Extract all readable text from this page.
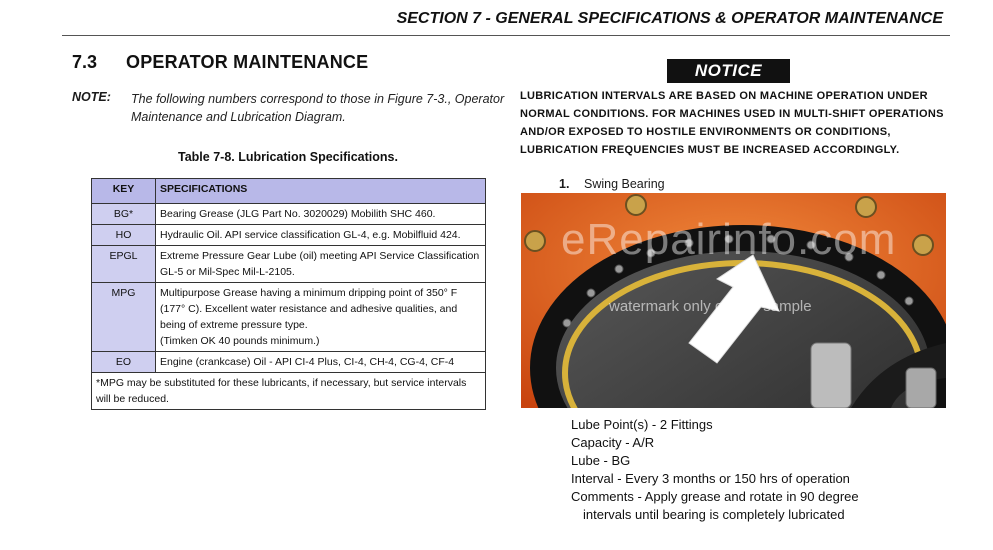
SECTION 7 - GENERAL SPECIFICATIONS & OPERATOR MAINTENANCE
7.3 OPERATOR MAINTENANCE
NOTE: The following numbers correspond to those in Figure 7-3., Operator Maintenance and Lubrication Diagram.
Table 7-8. Lubrication Specifications.
KEY	SPECIFICATIONS
BG*	Bearing Grease (JLG Part No. 3020029) Mobilith SHC 460.
HO	Hydraulic Oil. API service classification GL-4, e.g. Mobilfluid 424.
EPGL	Extreme Pressure Gear Lube (oil) meeting API Service Classification GL-5 or Mil-Spec Mil-L-2105.
MPG	Multipurpose Grease having a minimum dripping point of 350° F (177° C). Excellent water resistance and adhesive qualities, and being of extreme pressure type.
(Timken OK 40 pounds minimum.)

EO	Engine (crankcase) Oil - API CI-4 Plus, CI-4, CH-4, CG-4, CF-4
*MPG may be substituted for these lubricants, if necessary, but service intervals will be reduced.	
NOTICE
LUBRICATION INTERVALS ARE BASED ON MACHINE OPERATION UNDER NORMAL CONDITIONS. FOR MACHINES USED IN MULTI-SHIFT OPERATIONS AND/OR EXPOSED TO HOSTILE ENVIRONMENTS OR CONDITIONS, LUBRICATION FREQUENCIES MUST BE INCREASED ACCORDINGLY.
1. Swing Bearing
eRepairinfo.com
watermark only on this sample
Lube Point(s) - 2 Fittings
Capacity - A/R
Lube - BG
Interval - Every 3 months or 150 hrs of operation
Comments - Apply grease and rotate in 90 degree
intervals until bearing is completely lubricated
